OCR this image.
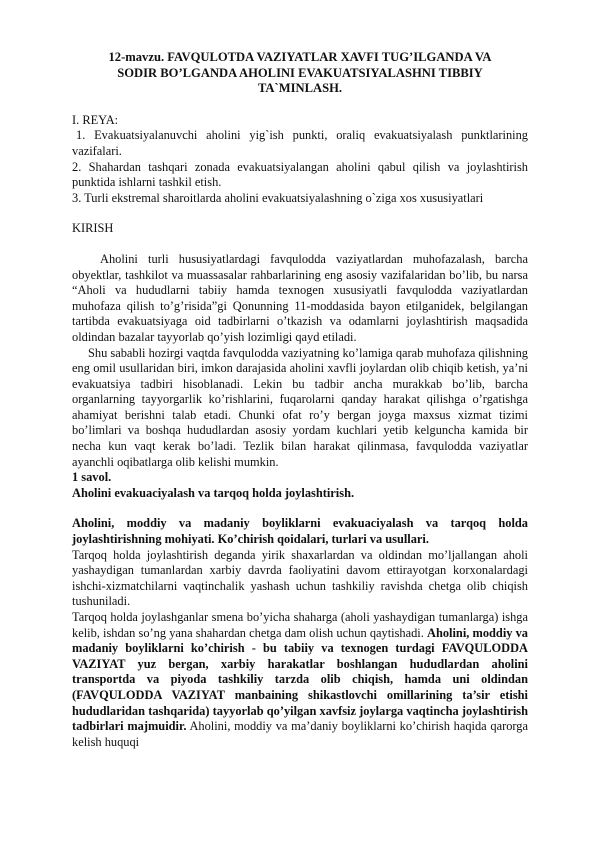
12-mavzu. FAVQULOTDA VAZIYATLAR XAVFI TUG’ILGANDA VA
SODIR BO’LGANDA AHOLINI EVAKUATSIYALASHNI TIBBIY
TA`MINLASH.

I. REYA:

1. Evakuatsiyalanuvchi aholini yig`ish punkti, oraliq evakuatsiyalash punktlarining vazifalari.

2. Shahardan tashqari zonada evakuatsiyalangan aholini qabul qilish va joylashtirish punktida ishlarni tashkil etish.

3. Turli ekstremal sharoitlarda aholini evakuatsiyalashning o`ziga xos xususiyatlari

KIRISH

Aholini turli hususiyatlardagi favqulodda vaziyatlardan muhofazalash, barcha obyektlar, tashkilot va muassasalar rahbarlarining eng asosiy vazifalaridan bo’lib, bu narsa “Aholi va hududlarni tabiiy hamda texnogen xususiyatli favqulodda vaziyatlardan muhofaza qilish to’g’risida”gi Qonunning 11-moddasida bayon etilganidek, belgilangan tartibda evakuatsiyaga oid tadbirlarni o’tkazish va odamlarni joylashtirish maqsadida oldindan bazalar tayyorlab qo’yish lozimligi qayd etiladi.

Shu sababli hozirgi vaqtda favqulodda vaziyatning ko’lamiga qarab muhofaza qilishning eng omil usullaridan biri, imkon darajasida aholini xavfli joylardan olib chiqib ketish, ya’ni evakuatsiya tadbiri hisoblanadi. Lekin bu tadbir ancha murakkab bo’lib, barcha organlarning tayyorgarlik ko’rishlarini, fuqarolarni qanday harakat qilishga o’rgatishga ahamiyat berishni talab etadi. Chunki ofat ro’y bergan joyga maxsus xizmat tizimi bo’limlari va boshqa hududlardan asosiy yordam kuchlari yetib kelguncha kamida bir necha kun vaqt kerak bo’ladi. Tezlik bilan harakat qilinmasa, favqulodda vaziyatlar ayanchli oqibatlarga olib kelishi mumkin.

1 savol.

Aholini evakuaciyalash va tarqoq holda joylashtirish.

Aholini, moddiy va madaniy boyliklarni evakuaciyalash va tarqoq holda joylashtirishning mohiyati. Ko’chirish qoidalari, turlari va usullari.

Tarqoq holda joylashtirish deganda yirik shaxarlardan va oldindan mo’ljallangan aholi yashaydigan tumanlardan xarbiy davrda faoliyatini davom ettirayotgan korxonalardagi ishchi-xizmatchilarni vaqtinchalik yashash uchun tashkiliy ravishda chetga olib chiqish tushuniladi.

Tarqoq holda joylashganlar smena bo’yicha shaharga (aholi yashaydigan tumanlarga) ishga kelib, ishdan so’ng yana shahardan chetga dam olish uchun qaytishadi. Aholini, moddiy va madaniy boyliklarni ko’chirish - bu tabiiy va texnogen turdagi FAVQULODDA VAZIYAT yuz bergan, xarbiy harakatlar boshlangan hududlardan aholini transportda va piyoda tashkiliy tarzda olib chiqish, hamda uni oldindan (FAVQULODDA VAZIYAT manbaining shikastlovchi omillarining ta’sir etishi hududlaridan tashqarida) tayyorlab qo’yilgan xavfsiz joylarga vaqtincha joylashtirish tadbirlari majmuidir. Aholini, moddiy va ma’daniy boyliklarni ko’chirish haqida qarorga kelish huquqi
